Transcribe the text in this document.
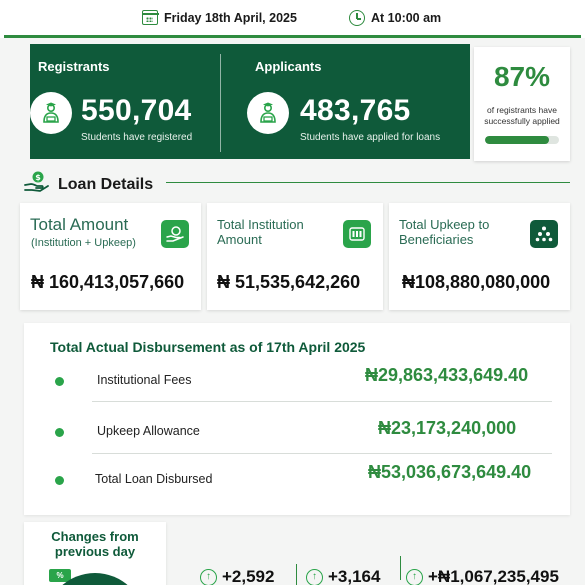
Friday 18th April, 2025	At 10:00 am
Registrants
550,704
Students have registered
Applicants
483,765
Students have applied for loans
87%
of registrants have successfully applied
$ Loan Details
Total Amount
(Institution + Upkeep)
₦ 160,413,057,660
Total Institution Amount
₦ 51,535,642,260
Total Upkeep to Beneficiaries
₦108,880,080,000
Total Actual Disbursement as of 17th April 2025
Institutional Fees	₦29,863,433,649.40
Upkeep Allowance	₦23,173,240,000
Total Loan Disbursed	₦53,036,673,649.40
Changes from previous day
%	↑ +2,592	↑ +3,164	↑ +₦1,067,235,495
